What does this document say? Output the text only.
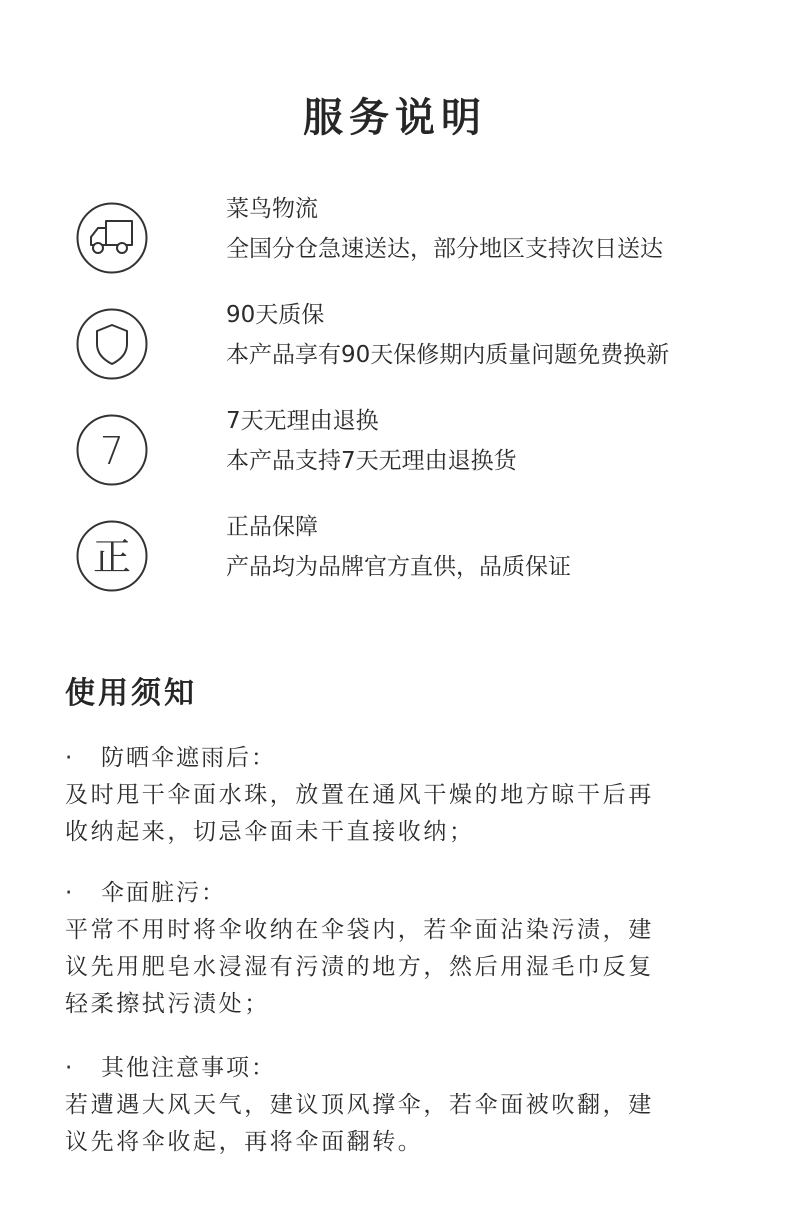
服务说明
菜鸟物流
全国分仓急速送达，部分地区支持次日送达
90天质保
本产品享有90天保修期内质量问题免费换新
7
7天无理由退换
本产品支持7天无理由退换货
正
正品保障
产品均为品牌官方直供，品质保证
使用须知
· 防晒伞遮雨后：
及时甩干伞面水珠，放置在通风干燥的地方晾干后再
收纳起来，切忌伞面未干直接收纳；
· 伞面脏污：
平常不用时将伞收纳在伞袋内，若伞面沾染污渍，建
议先用肥皂水浸湿有污渍的地方，然后用湿毛巾反复
轻柔擦拭污渍处；
· 其他注意事项：
若遭遇大风天气，建议顶风撑伞，若伞面被吹翻，建
议先将伞收起，再将伞面翻转。
